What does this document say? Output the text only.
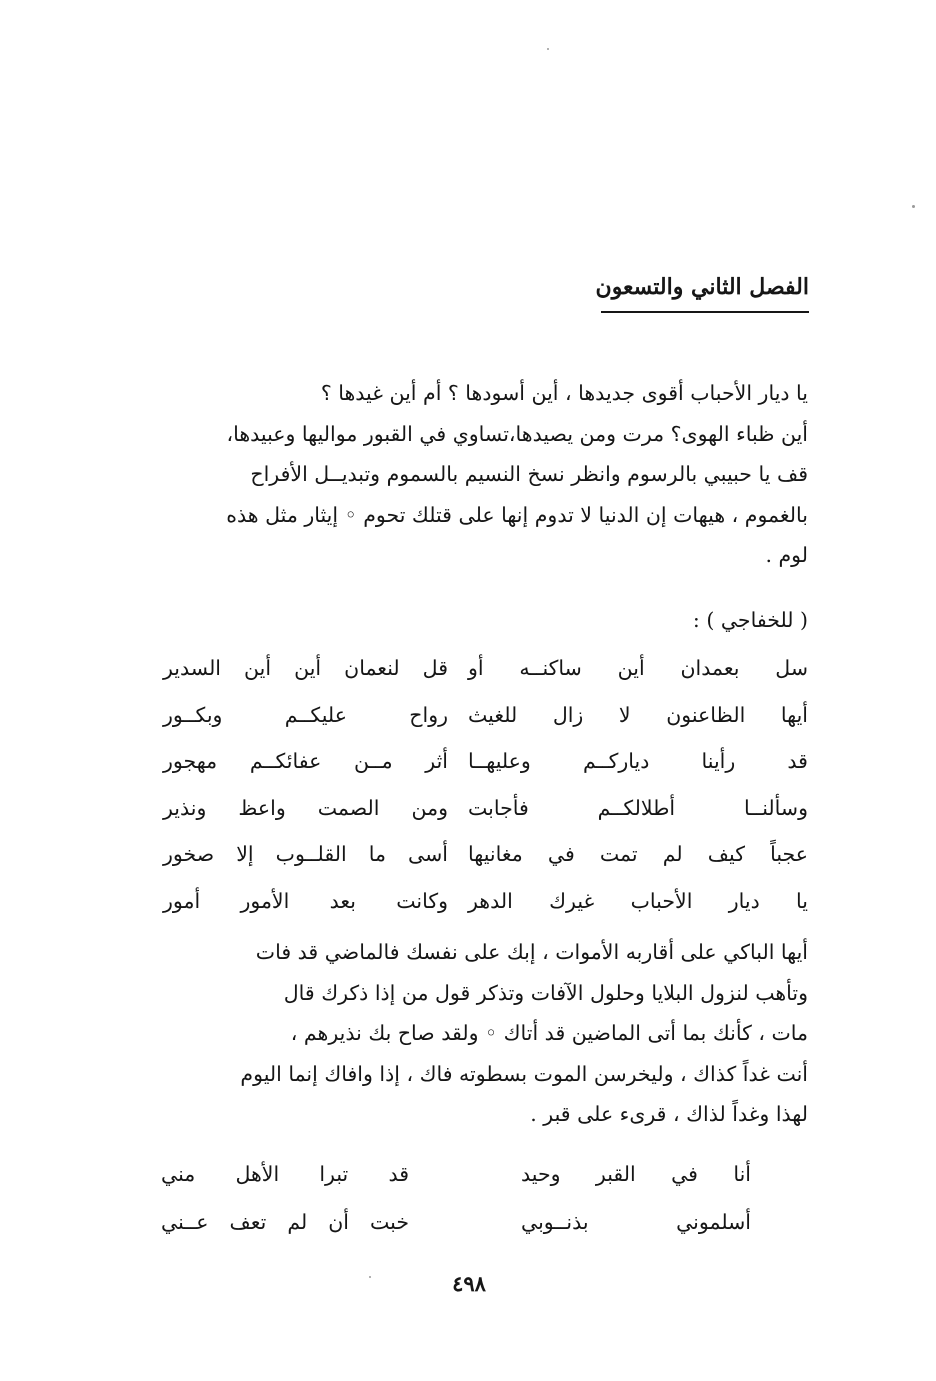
الفصل الثاني والتسعون
يا ديار الأحباب أقوى جديدها ، أين أسودها ؟ أم أين غيدها ؟
أين ظباء الهوى؟ مرت ومن يصيدها،تساوي في القبور مواليها وعبيدها،
قف يا حبيبي بالرسوم وانظر نسخ النسيم بالسموم وتبديــل الأفراح
بالغموم ، هيهات إن الدنيا لا تدوم إنها على قتلك تحوم ◦ إيثار مثل هذه
لوم .
( للخفاجي ) :
سل بعمدان أين ساكنــه أو
قل لنعمان أين أين السدير
أيها الظاعنون لا زال للغيث
رواح عليكــم وبكــور
قد رأينا دياركــم وعليهــا
أثر مــن عفائكــم مهجور
وسألنــا أطلالكــم فأجابت
ومن الصمت واعظ ونذير
عجباً كيف لم تمت في مغانيها
أسى ما القلــوب إلا صخور
يا ديار الأحباب غيرك الدهر
وكانت بعد الأمور أمور
أيها الباكي على أقاربه الأموات ، إبك على نفسك فالماضي قد فات
وتأهب لنزول البلايا وحلول الآفات وتذكر قول من إذا ذكرك قال
مات ، كأنك بما أتى الماضين قد أتاك ◦ ولقد صاح بك نذيرهم ،
أنت غداً كذاك ، وليخرسن الموت بسطوته فاك ، إذا وافاك إنما اليوم
لهذا وغداً لذاك ، قرىء على قبر .
أنا في القبر وحيد
قد تبرا الأهل مني
أسلموني بذنــوبي
خبت أن لم تعف عــني
٤٩٨
